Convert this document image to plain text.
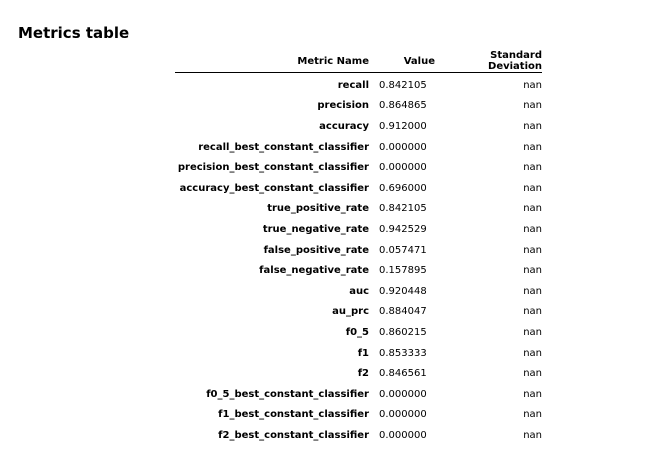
Metrics table
Metric Name	Value	Standard Deviation
recall	0.842105	nan
precision	0.864865	nan
accuracy	0.912000	nan
recall_best_constant_classifier	0.000000	nan
precision_best_constant_classifier	0.000000	nan
accuracy_best_constant_classifier	0.696000	nan
true_positive_rate	0.842105	nan
true_negative_rate	0.942529	nan
false_positive_rate	0.057471	nan
false_negative_rate	0.157895	nan
auc	0.920448	nan
au_prc	0.884047	nan
f0_5	0.860215	nan
f1	0.853333	nan
f2	0.846561	nan
f0_5_best_constant_classifier	0.000000	nan
f1_best_constant_classifier	0.000000	nan
f2_best_constant_classifier	0.000000	nan
